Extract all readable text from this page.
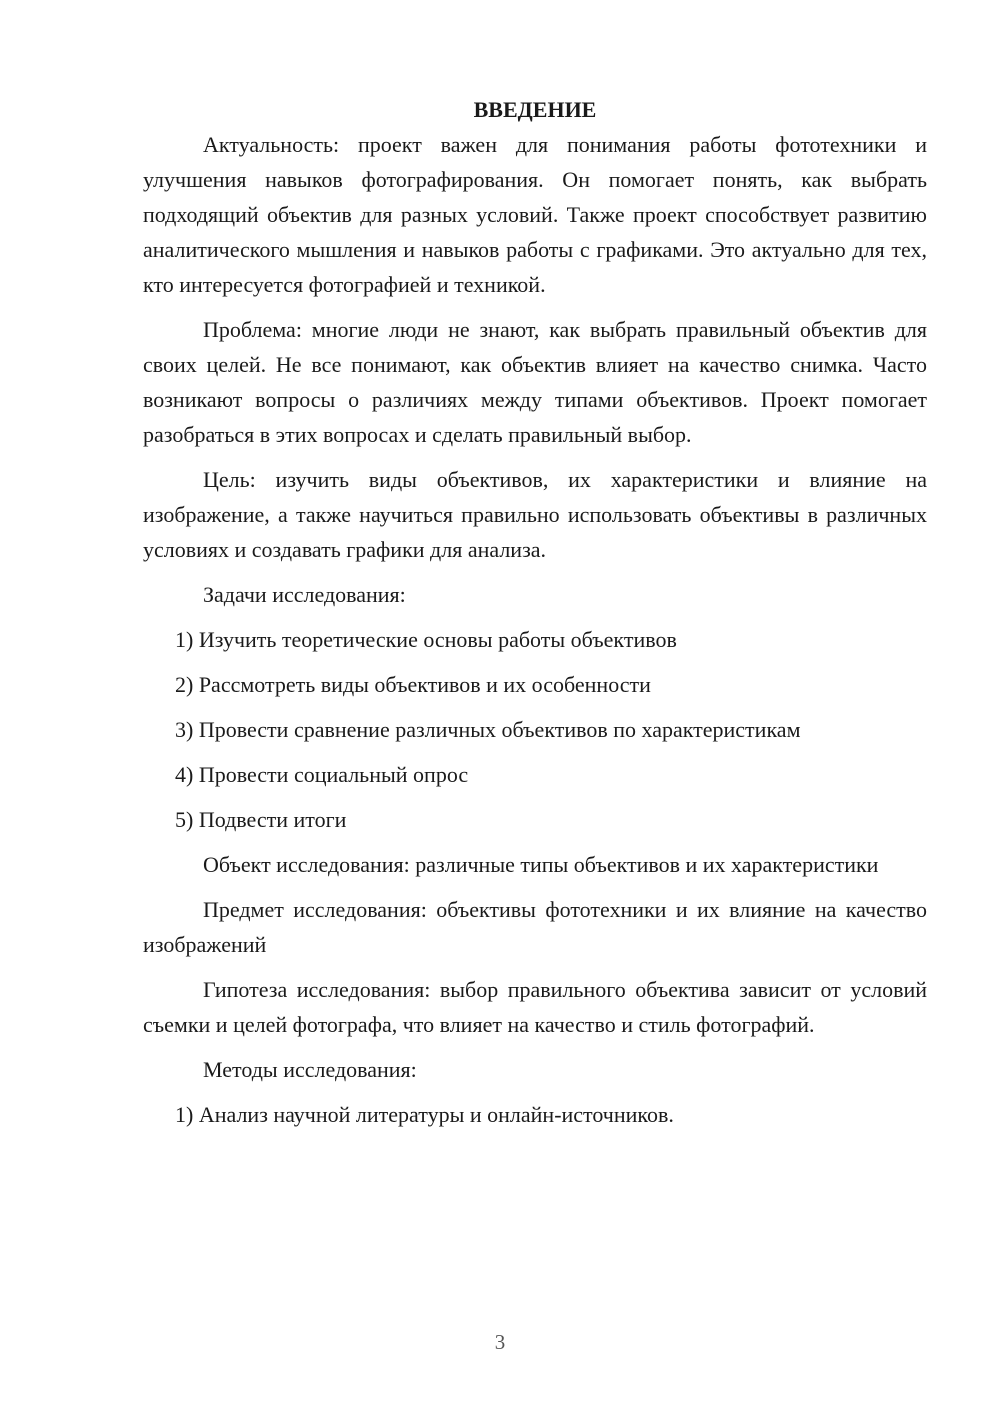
ВВЕДЕНИЕ

Актуальность: проект важен для понимания работы фототехники и улучшения навыков фотографирования. Он помогает понять, как выбрать подходящий объектив для разных условий. Также проект способствует развитию аналитического мышления и навыков работы с графиками. Это актуально для тех, кто интересуется фотографией и техникой.

Проблема: многие люди не знают, как выбрать правильный объектив для своих целей. Не все понимают, как объектив влияет на качество снимка. Часто возникают вопросы о различиях между типами объективов. Проект помогает разобраться в этих вопросах и сделать правильный выбор.

Цель: изучить виды объективов, их характеристики и влияние на изображение, а также научиться правильно использовать объективы в различных условиях и создавать графики для анализа.

Задачи исследования:

1) Изучить теоретические основы работы объективов
2) Рассмотреть виды объективов и их особенности
3) Провести сравнение различных объективов по характеристикам
4) Провести социальный опрос
5) Подвести итоги

Объект исследования: различные типы объективов и их характеристики

Предмет исследования: объективы фототехники и их влияние на качество изображений

Гипотеза исследования: выбор правильного объектива зависит от условий съемки и целей фотографа, что влияет на качество и стиль фотографий.

Методы исследования:

1) Анализ научной литературы и онлайн-источников.
3
